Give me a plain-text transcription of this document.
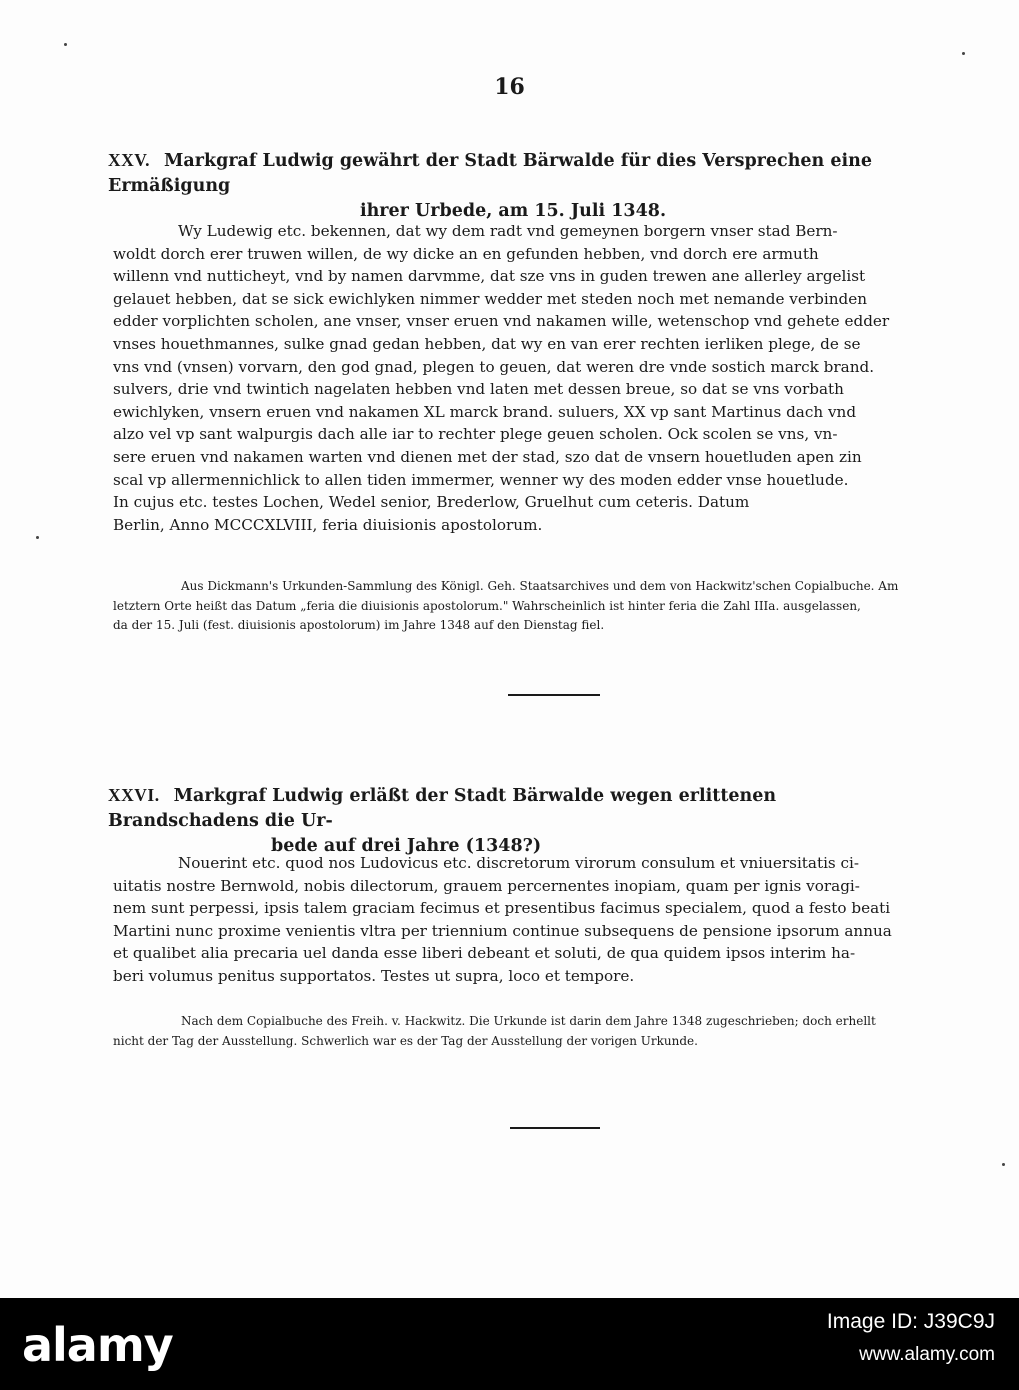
16
XXV. Markgraf Ludwig gewährt der Stadt Bärwalde für dies Versprechen eine Ermäßigung
ihrer Urbede, am 15. Juli 1348.
Wy Ludewig etc. bekennen, dat wy dem radt vnd gemeynen borgern vnser stad Bern-
woldt dorch erer truwen willen, de wy dicke an en gefunden hebben, vnd dorch ere armuth
willenn vnd nutticheyt, vnd by namen darvmme, dat sze vns in guden trewen ane allerley argelist
gelauet hebben, dat se sick ewichlyken nimmer wedder met steden noch met nemande verbinden
edder vorplichten scholen, ane vnser, vnser eruen vnd nakamen wille, wetenschop vnd gehete edder
vnses houethmannes, sulke gnad gedan hebben, dat wy en van erer rechten ierliken plege, de se
vns vnd (vnsen) vorvarn, den god gnad, plegen to geuen, dat weren dre vnde sostich marck brand.
sulvers, drie vnd twintich nagelaten hebben vnd laten met dessen breue, so dat se vns vorbath
ewichlyken, vnsern eruen vnd nakamen XL marck brand. suluers, XX vp sant Martinus dach vnd
alzo vel vp sant walpurgis dach alle iar to rechter plege geuen scholen. Ock scolen se vns, vn-
sere eruen vnd nakamen warten vnd dienen met der stad, szo dat de vnsern houetluden apen zin
scal vp allermennichlick to allen tiden immermer, wenner wy des moden edder vnse houetlude.
In cujus etc. testes Lochen, Wedel senior, Brederlow, Gruelhut cum ceteris. Datum
Berlin, Anno MCCCXLVIII, feria diuisionis apostolorum.
Aus Dickmann's Urkunden-Sammlung des Königl. Geh. Staatsarchives und dem von Hackwitz'schen Copialbuche. Am
letztern Orte heißt das Datum „feria die diuisionis apostolorum." Wahrscheinlich ist hinter feria die Zahl IIIa. ausgelassen,
da der 15. Juli (fest. diuisionis apostolorum) im Jahre 1348 auf den Dienstag fiel.
XXVI. Markgraf Ludwig erläßt der Stadt Bärwalde wegen erlittenen Brandschadens die Ur-
bede auf drei Jahre (1348?)
Nouerint etc. quod nos Ludovicus etc. discretorum virorum consulum et vniuersitatis ci-
uitatis nostre Bernwold, nobis dilectorum, grauem percernentes inopiam, quam per ignis voragi-
nem sunt perpessi, ipsis talem graciam fecimus et presentibus facimus specialem, quod a festo beati
Martini nunc proxime venientis vltra per triennium continue subsequens de pensione ipsorum annua
et qualibet alia precaria uel danda esse liberi debeant et soluti, de qua quidem ipsos interim ha-
beri volumus penitus supportatos. Testes ut supra, loco et tempore.
Nach dem Copialbuche des Freih. v. Hackwitz. Die Urkunde ist darin dem Jahre 1348 zugeschrieben; doch erhellt
nicht der Tag der Ausstellung. Schwerlich war es der Tag der Ausstellung der vorigen Urkunde.
alamy	Image ID: J39C9J
www.alamy.com
